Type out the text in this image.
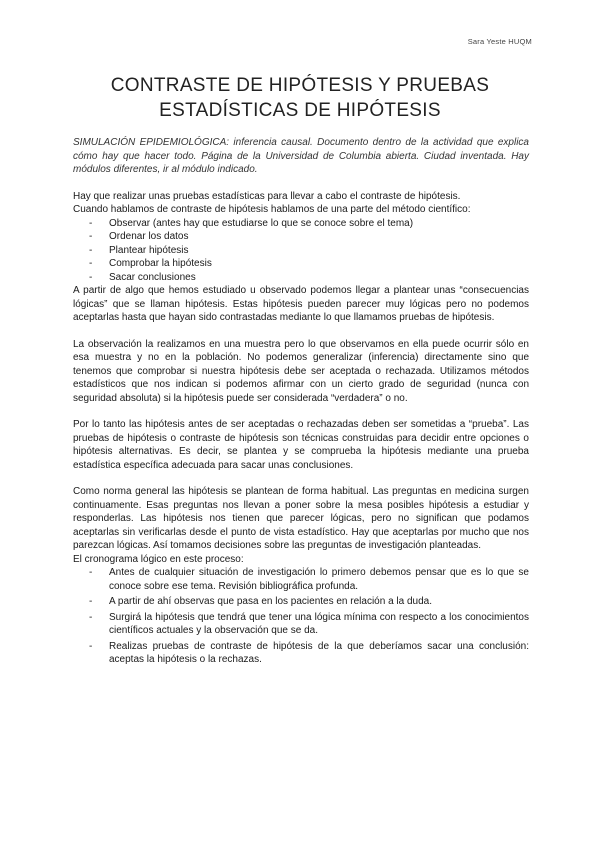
Sara Yeste HUQM
CONTRASTE DE HIPÓTESIS Y PRUEBAS ESTADÍSTICAS DE HIPÓTESIS

SIMULACIÓN EPIDEMIOLÓGICA: inferencia causal. Documento dentro de la actividad que explica cómo hay que hacer todo. Página de la Universidad de Columbia abierta. Ciudad inventada. Hay módulos diferentes, ir al módulo indicado.

Hay que realizar unas pruebas estadísticas para llevar a cabo el contraste de hipótesis.

Cuando hablamos de contraste de hipótesis hablamos de una parte del método científico:

- Observar (antes hay que estudiarse lo que se conoce sobre el tema)
- Ordenar los datos
- Plantear hipótesis
- Comprobar la hipótesis
- Sacar conclusiones

A partir de algo que hemos estudiado u observado podemos llegar a plantear unas “consecuencias lógicas” que se llaman hipótesis. Estas hipótesis pueden parecer muy lógicas pero no podemos aceptarlas hasta que hayan sido contrastadas mediante lo que llamamos pruebas de hipótesis.

La observación la realizamos en una muestra pero lo que observamos en ella puede ocurrir sólo en esa muestra y no en la población. No podemos generalizar (inferencia) directamente sino que tenemos que comprobar si nuestra hipótesis debe ser aceptada o rechazada. Utilizamos métodos estadísticos que nos indican si podemos afirmar con un cierto grado de seguridad (nunca con seguridad absoluta) si la hipótesis puede ser considerada “verdadera” o no.

Por lo tanto las hipótesis antes de ser aceptadas o rechazadas deben ser sometidas a “prueba”. Las pruebas de hipótesis o contraste de hipótesis son técnicas construidas para decidir entre opciones o hipótesis alternativas. Es decir, se plantea y se comprueba la hipótesis mediante una prueba estadística específica adecuada para sacar unas conclusiones.

Como norma general las hipótesis se plantean de forma habitual. Las preguntas en medicina surgen continuamente. Esas preguntas nos llevan a poner sobre la mesa posibles hipótesis a estudiar y responderlas. Las hipótesis nos tienen que parecer lógicas, pero no significan que podamos aceptarlas sin verificarlas desde el punto de vista estadístico. Hay que aceptarlas por mucho que nos parezcan lógicas. Así tomamos decisiones sobre las preguntas de investigación planteadas.

El cronograma lógico en este proceso:

- Antes de cualquier situación de investigación lo primero debemos pensar que es lo que se conoce sobre ese tema. Revisión bibliográfica profunda.
- A partir de ahí observas que pasa en los pacientes en relación a la duda.
- Surgirá la hipótesis que tendrá que tener una lógica mínima con respecto a los conocimientos científicos actuales y la observación que se da.
- Realizas pruebas de contraste de hipótesis de la que deberíamos sacar una conclusión: aceptas la hipótesis o la rechazas.
